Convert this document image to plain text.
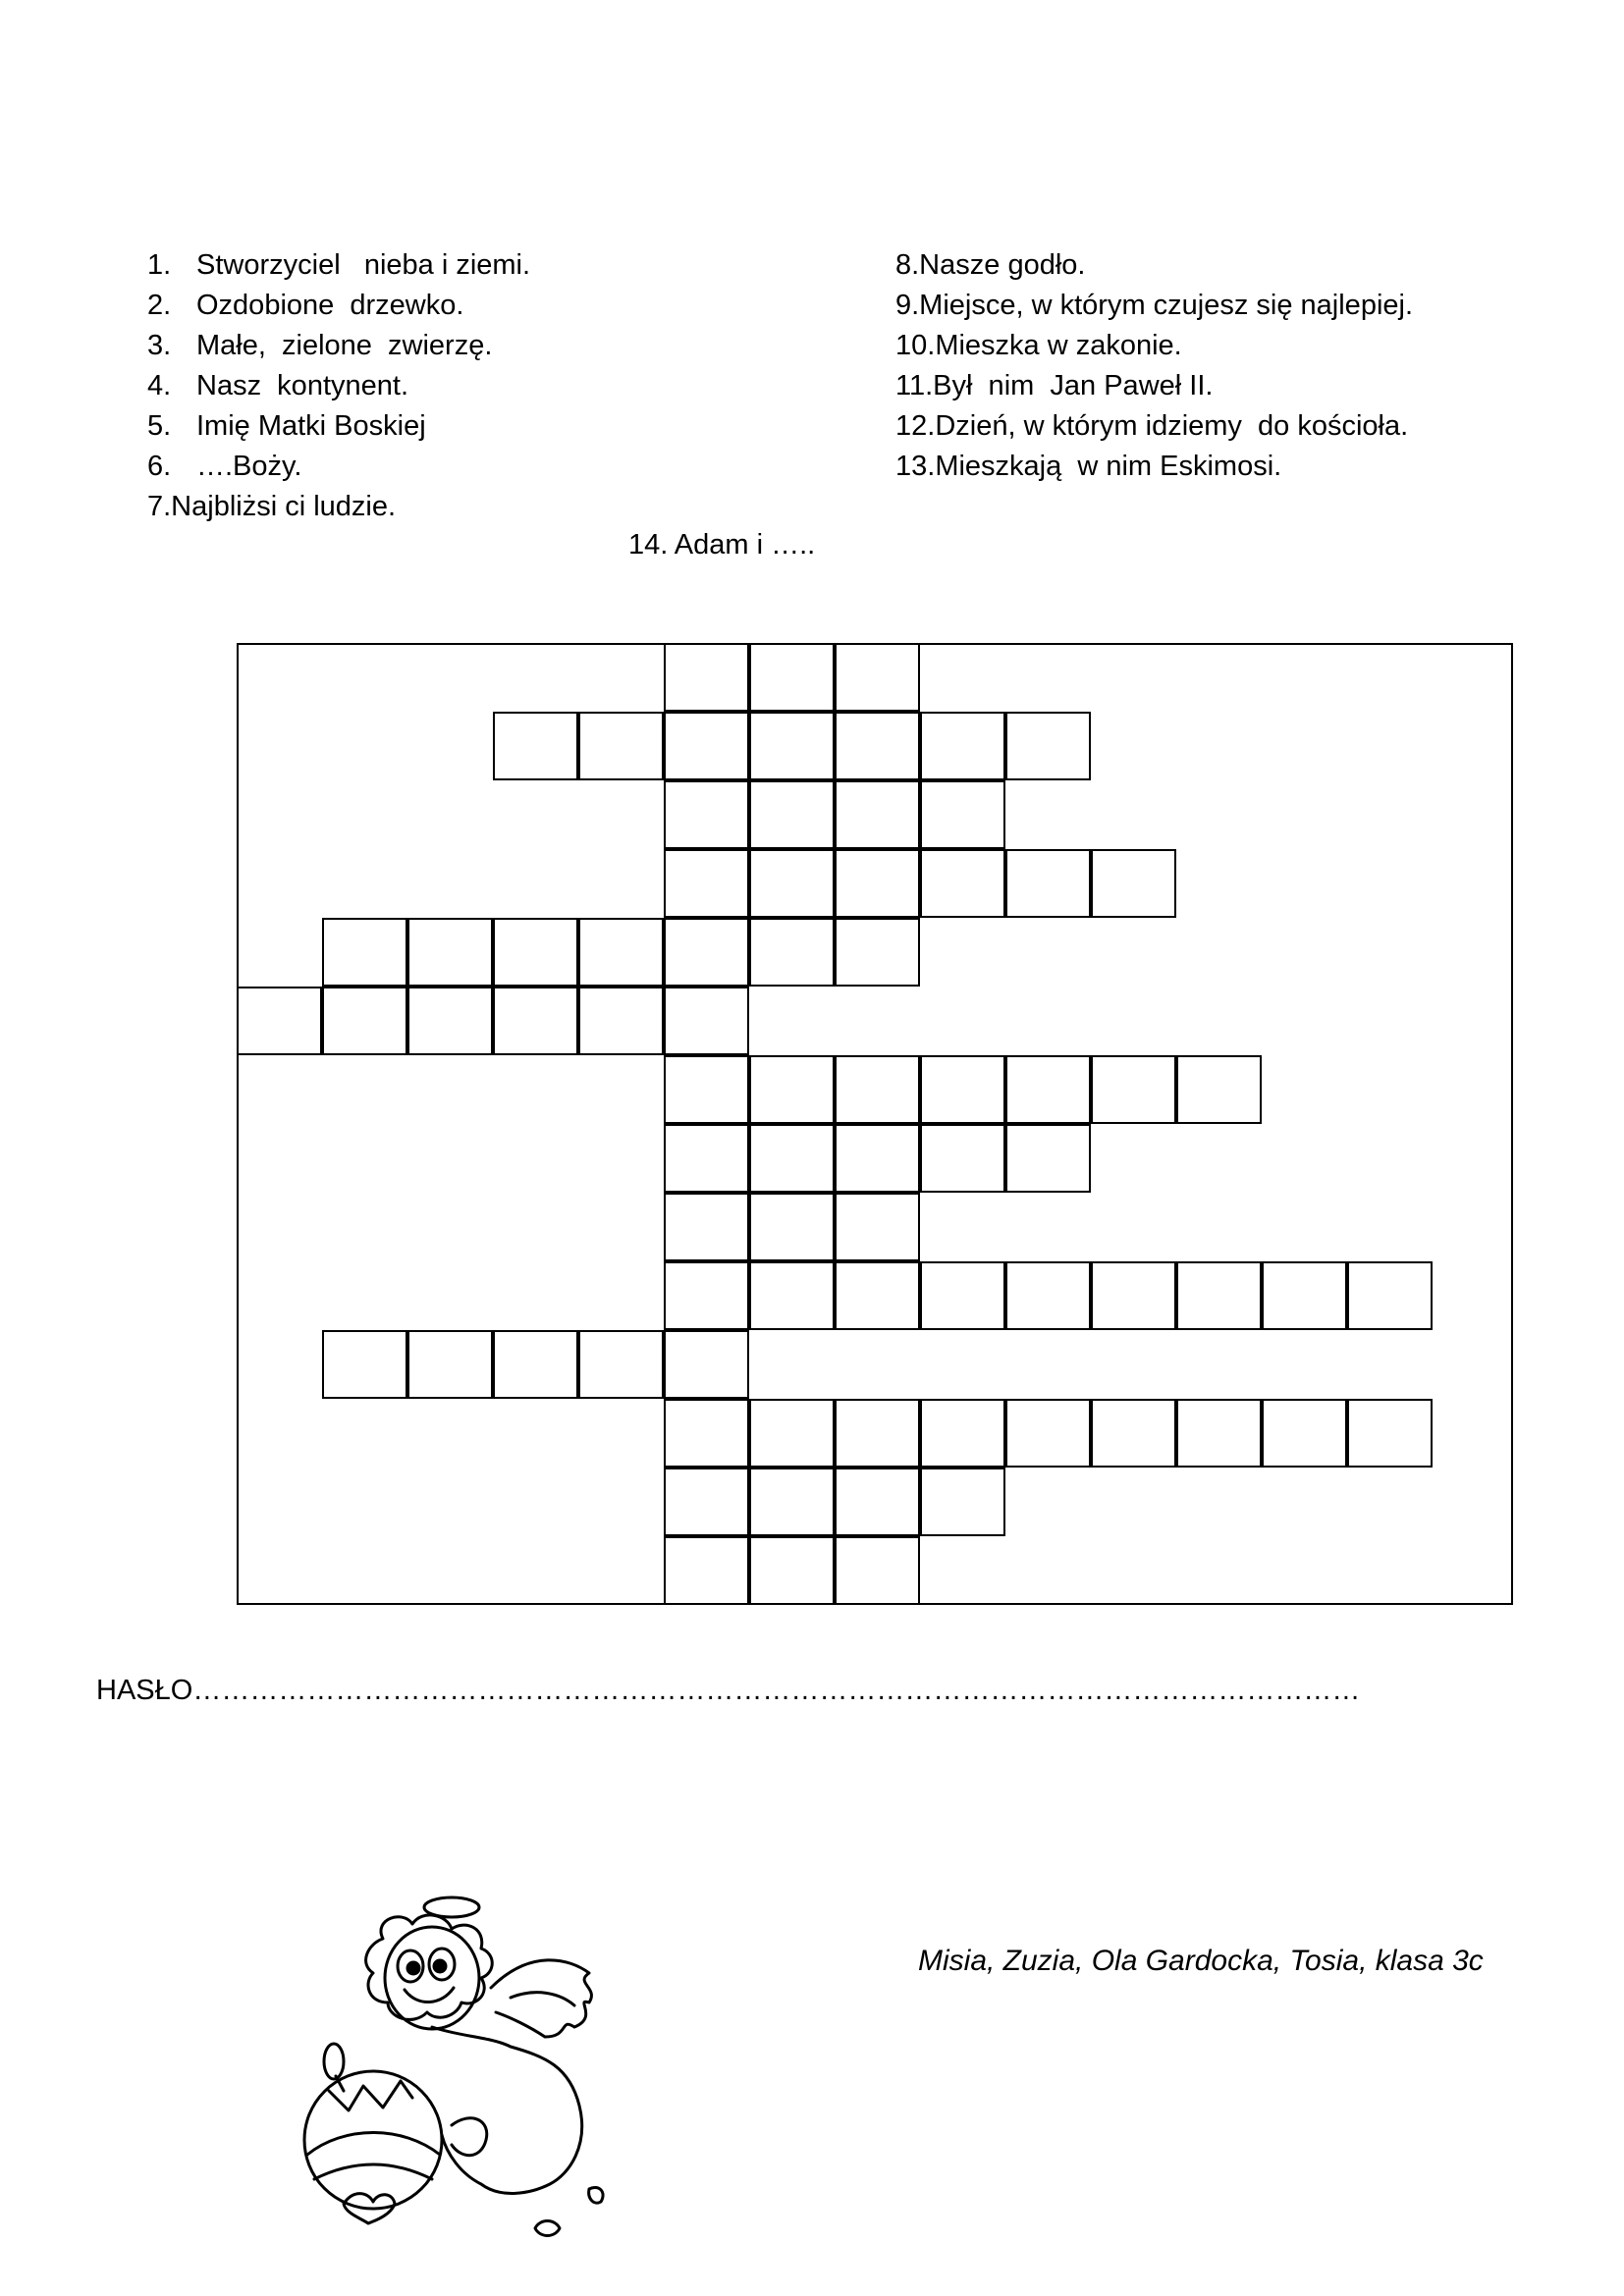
1. Stworzyciel   nieba i ziemi.
2. Ozdobione  drzewko.
3. Małe,  zielone  zwierzę.
4. Nasz  kontynent.
5. Imię Matki Boskiej
6. ….Boży.
7.Najbliżsi ci ludzie.
8.Nasze godło.
9.Miejsce, w którym czujesz się najlepiej.
10.Mieszka w zakonie.
11.Był  nim  Jan Paweł II.
12.Dzień, w którym idziemy  do kościoła.
13.Mieszkają  w nim Eskimosi.
14. Adam i …..
HASŁO……………………………………………………………………………………………………………
Misia, Zuzia, Ola Gardocka, Tosia, klasa 3c
